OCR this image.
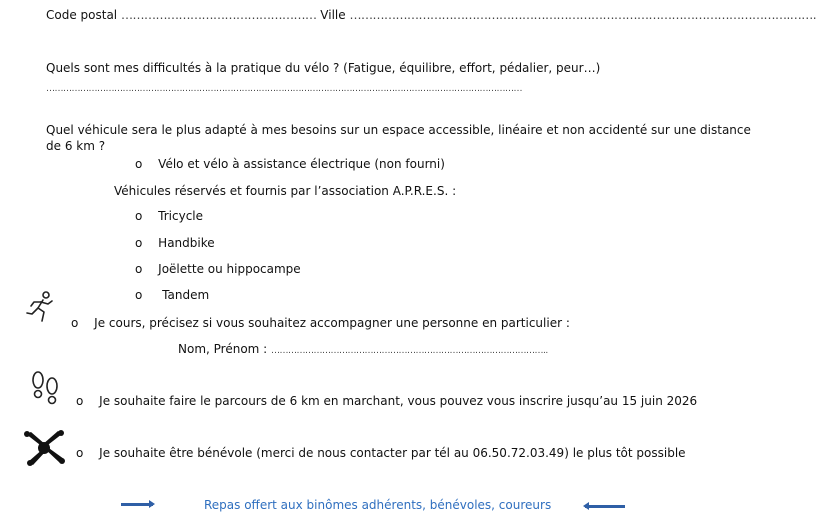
Code postal …………………………………………… Ville …………………………………………………………………………………………………….…….
Quels sont mes difficultés à la pratique du vélo ? (Fatigue, équilibre, effort, pédalier, peur…)
……………………………………………………………………………………………………………………………………………………
Quel véhicule sera le plus adapté à mes besoins sur un espace accessible, linéaire et non accidenté sur une distance
de 6 km ?
o Vélo et vélo à assistance électrique (non fourni)
Véhicules réservés et fournis par l’association A.P.R.E.S. :
o Tricycle
o Handbike
o Joëlette ou hippocampe
o Tandem
o Je cours, précisez si vous souhaitez accompagner une personne en particulier :
Nom, Prénom : ……………………………………………………………………………………..
o Je souhaite faire le parcours de 6 km en marchant, vous pouvez vous inscrire jusqu’au 15 juin 2026
o Je souhaite être bénévole (merci de nous contacter par tél au 06.50.72.03.49) le plus tôt possible
Repas offert aux binômes adhérents, bénévoles, coureurs
